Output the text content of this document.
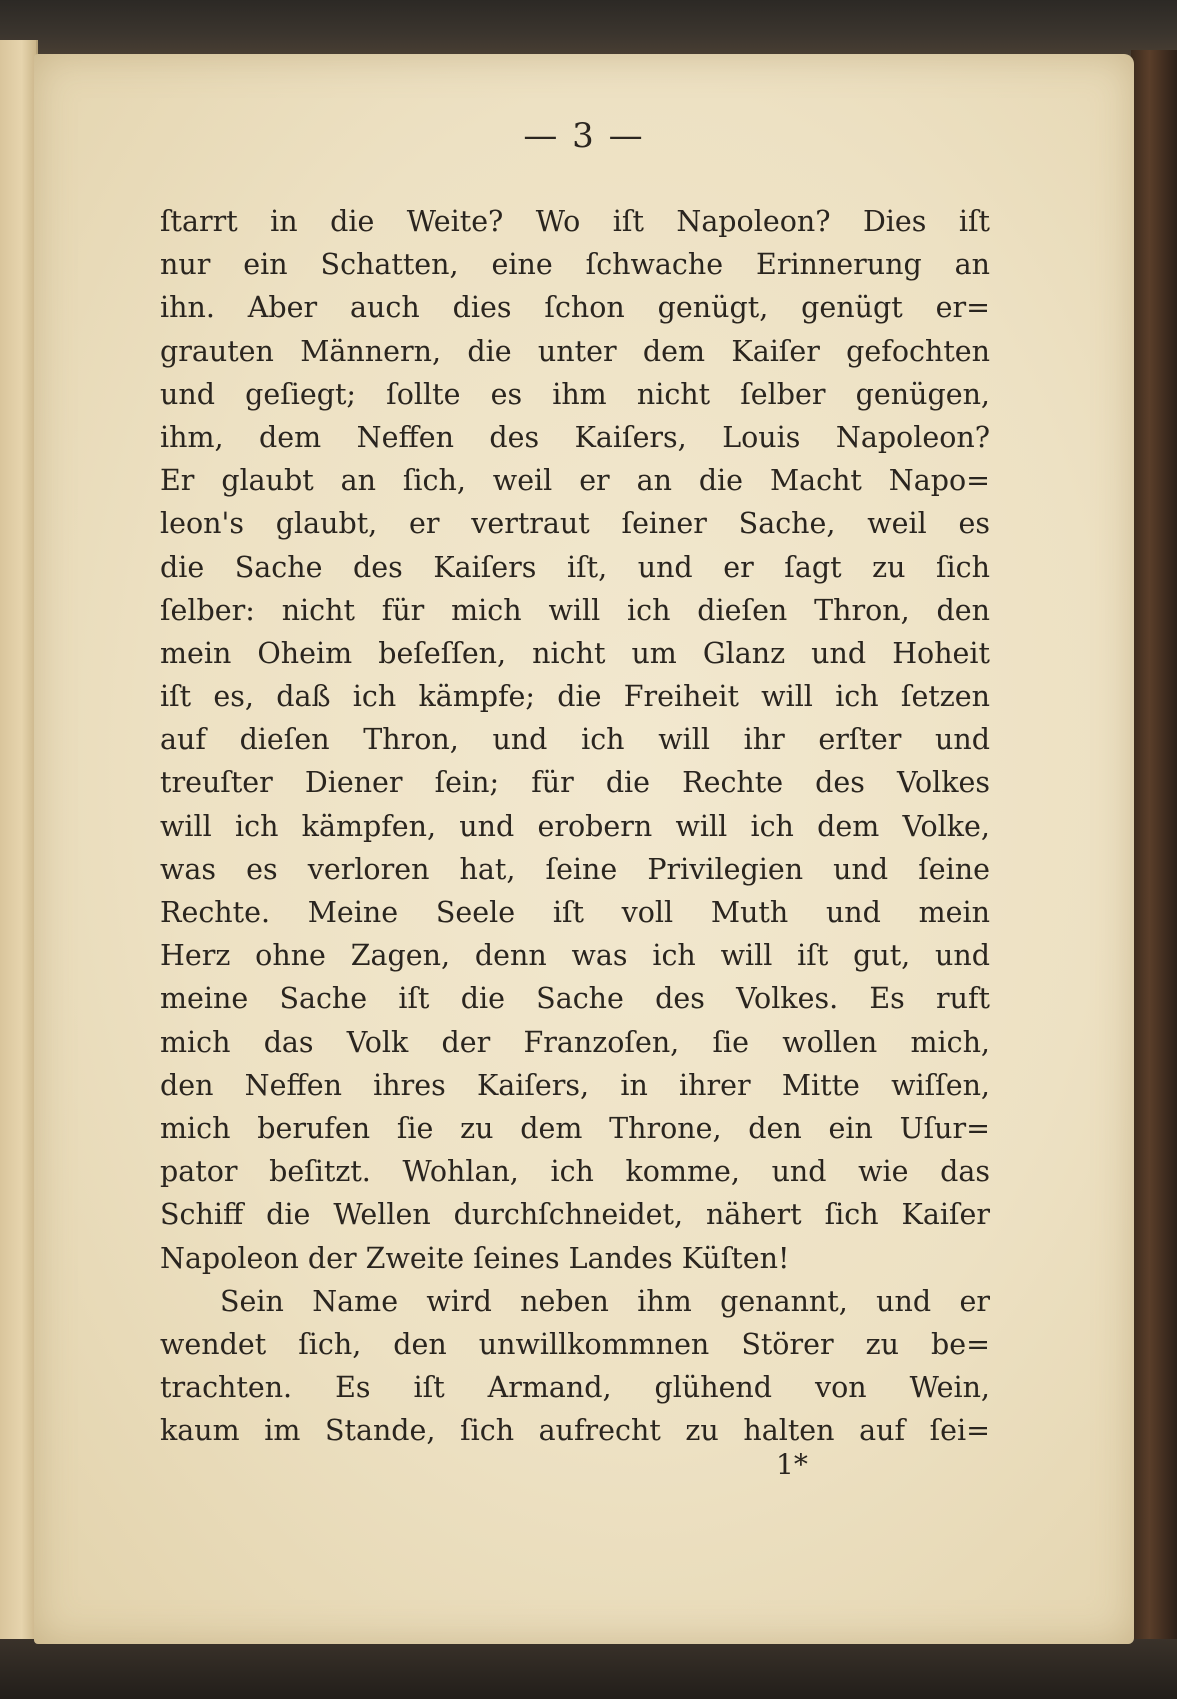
— 3 —
ſtarrt in die Weite? Wo iſt Napoleon? Dies iſt
nur ein Schatten, eine ſchwache Erinnerung an
ihn. Aber auch dies ſchon genügt, genügt er=
grauten Männern, die unter dem Kaiſer gefochten
und geſiegt; ſollte es ihm nicht ſelber genügen,
ihm, dem Neffen des Kaiſers, Louis Napoleon?
Er glaubt an ſich, weil er an die Macht Napo=
leon's glaubt, er vertraut ſeiner Sache, weil es
die Sache des Kaiſers iſt, und er ſagt zu ſich
ſelber: nicht für mich will ich dieſen Thron, den
mein Oheim beſeſſen, nicht um Glanz und Hoheit
iſt es, daß ich kämpfe; die Freiheit will ich ſetzen
auf dieſen Thron, und ich will ihr erſter und
treuſter Diener ſein; für die Rechte des Volkes
will ich kämpfen, und erobern will ich dem Volke,
was es verloren hat, ſeine Privilegien und ſeine
Rechte. Meine Seele iſt voll Muth und mein
Herz ohne Zagen, denn was ich will iſt gut, und
meine Sache iſt die Sache des Volkes. Es ruft
mich das Volk der Franzoſen, ſie wollen mich,
den Neffen ihres Kaiſers, in ihrer Mitte wiſſen,
mich berufen ſie zu dem Throne, den ein Uſur=
pator beſitzt. Wohlan, ich komme, und wie das
Schiff die Wellen durchſchneidet, nähert ſich Kaiſer
Napoleon der Zweite ſeines Landes Küſten!
Sein Name wird neben ihm genannt, und er
wendet ſich, den unwillkommnen Störer zu be=
trachten. Es iſt Armand, glühend von Wein,
kaum im Stande, ſich aufrecht zu halten auf ſei=
1*
